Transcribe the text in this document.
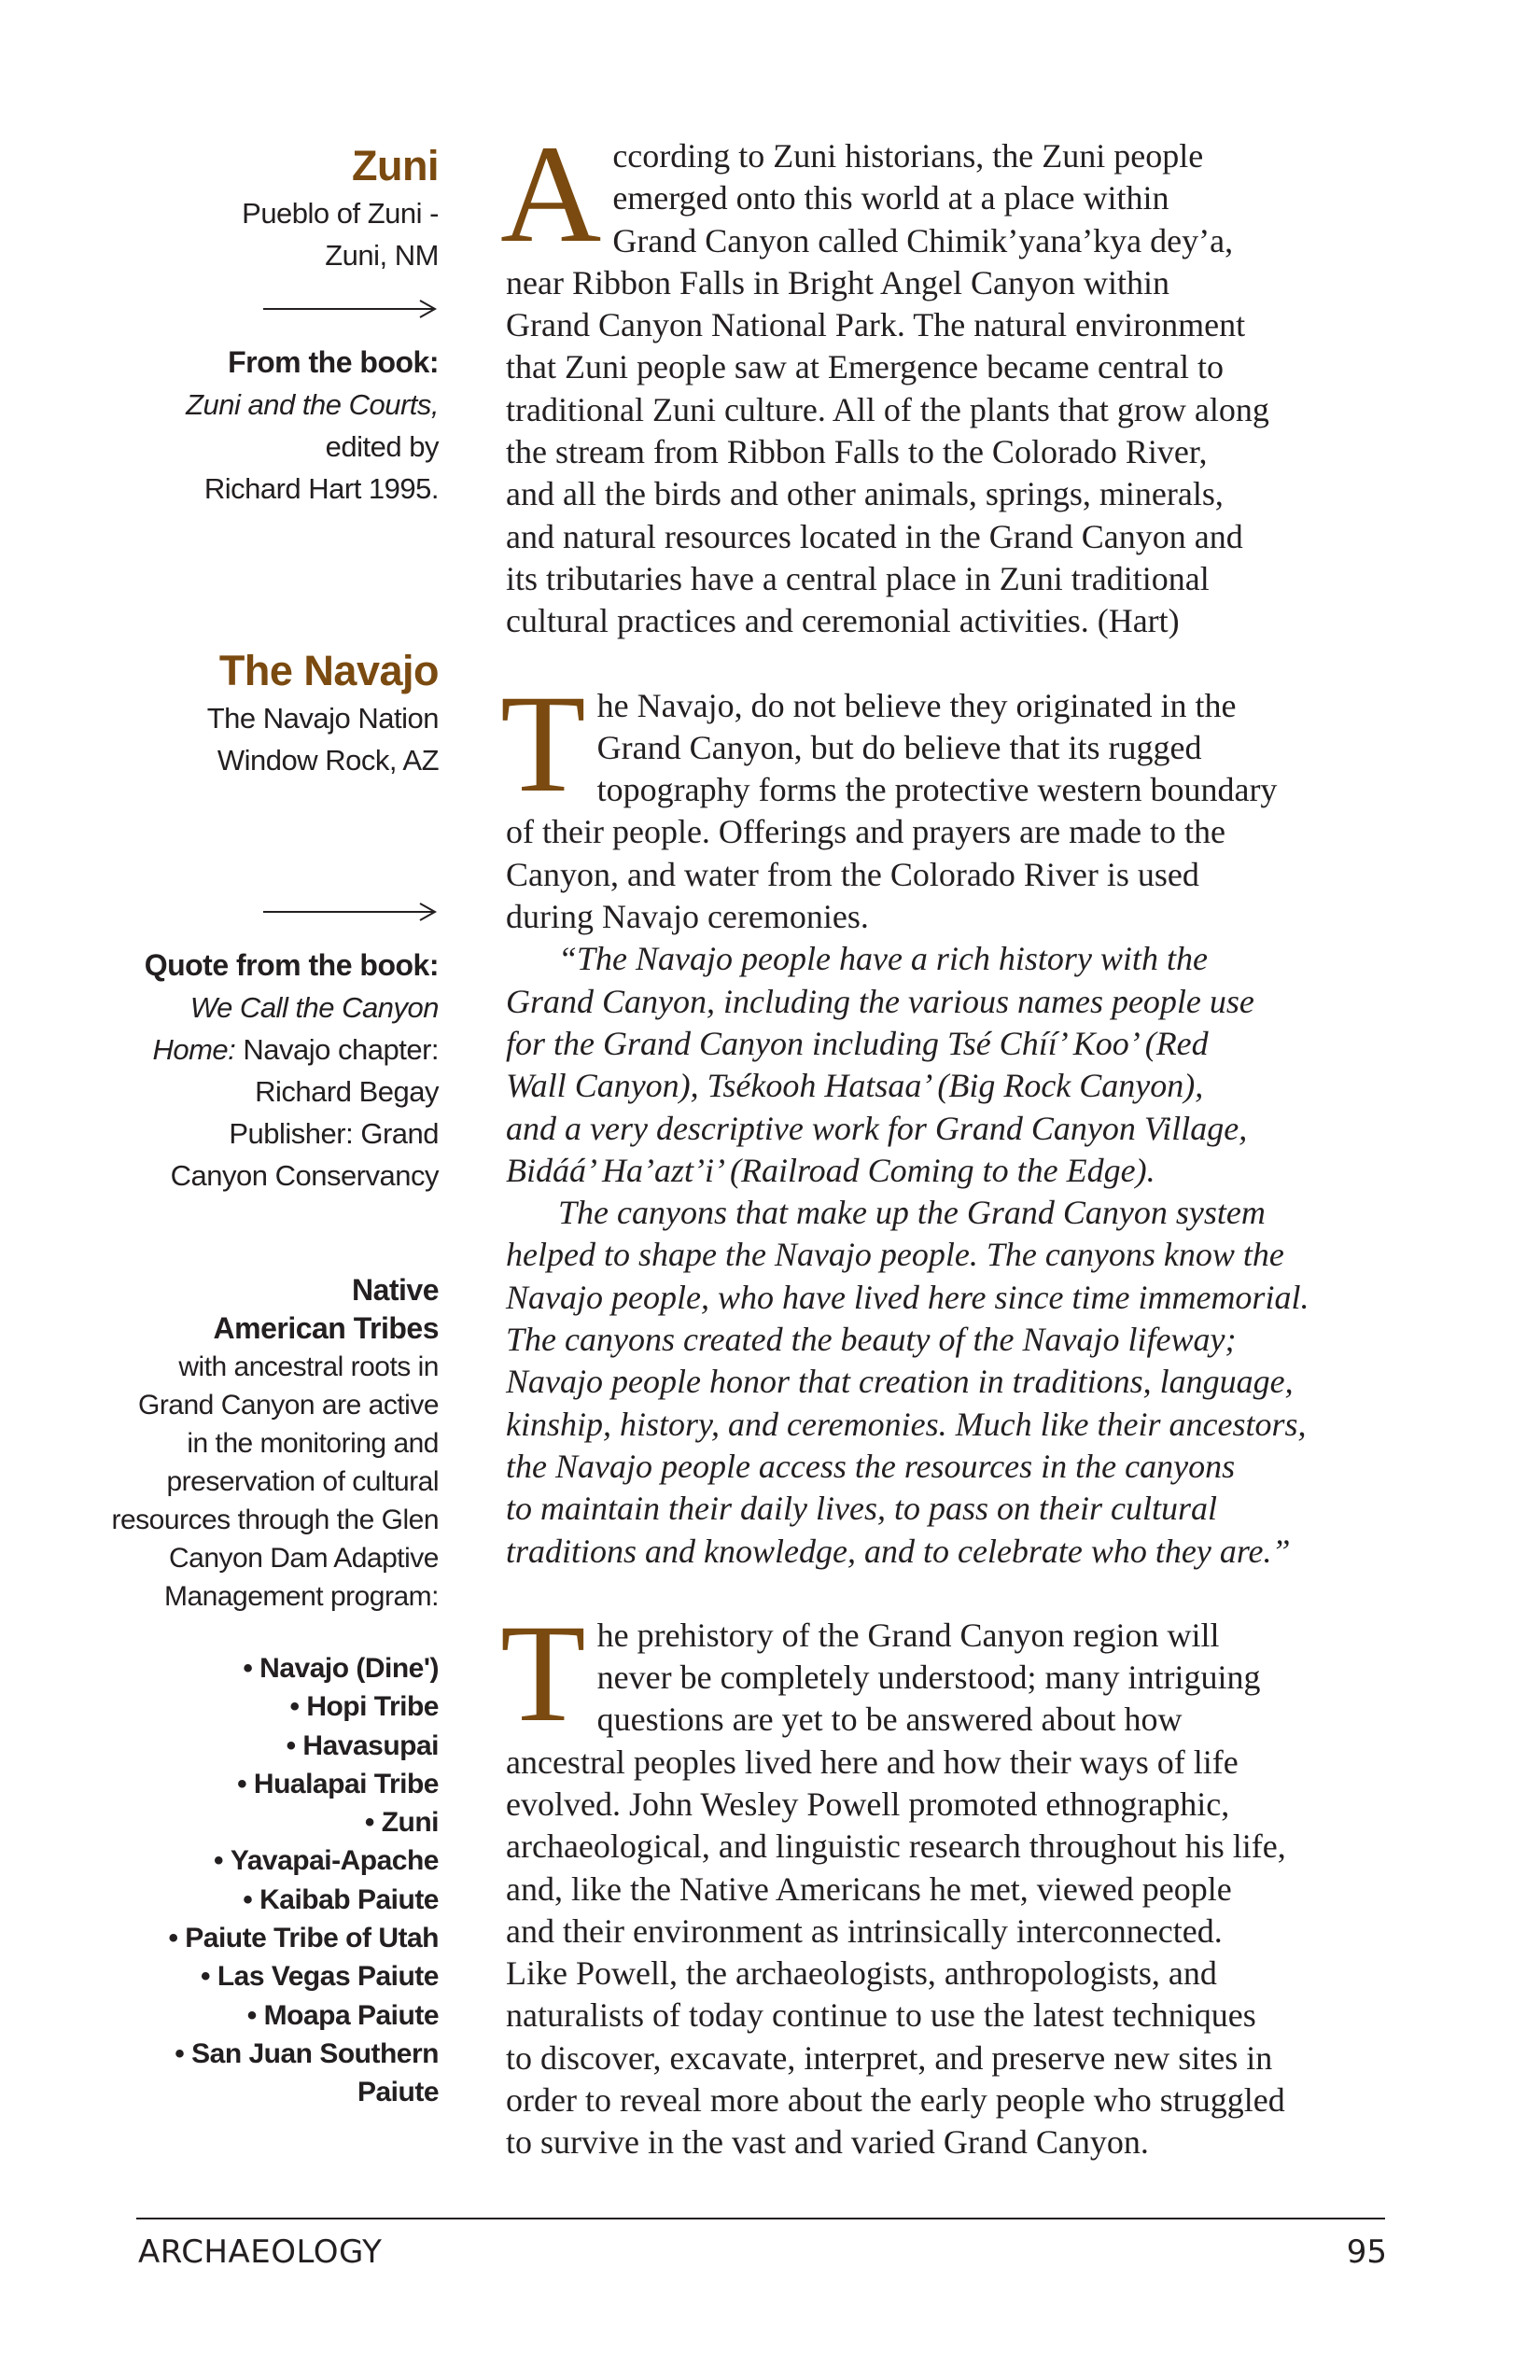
Zuni

Pueblo of Zuni -

Zuni, NM

From the book:

Zuni and the Courts,

edited by

Richard Hart 1995.

The Navajo

The Navajo Nation

Window Rock, AZ

Quote from the book:

We Call the Canyon

Home: Navajo chapter:

Richard Begay

Publisher: Grand

Canyon Conservancy

Native

American Tribes

with ancestral roots in

Grand Canyon are active

in the monitoring and

preservation of cultural

resources through the Glen

Canyon Dam Adaptive

Management program:

• Navajo (Dine')
• Hopi Tribe
• Havasupai
• Hualapai Tribe
• Zuni
• Yavapai-Apache
• Kaibab Paiute
• Paiute Tribe of Utah
• Las Vegas Paiute
• Moapa Paiute
• San Juan Southern Paiute
A ccording to Zuni historians, the Zuni people
emerged onto this world at a place within
Grand Canyon called Chimik’yana’kya dey’a,
near Ribbon Falls in Bright Angel Canyon within
Grand Canyon National Park. The natural environment
that Zuni people saw at Emergence became central to
traditional Zuni culture. All of the plants that grow along
the stream from Ribbon Falls to the Colorado River,
and all the birds and other animals, springs, minerals,
and natural resources located in the Grand Canyon and
its tributaries have a central place in Zuni traditional
cultural practices and ceremonial activities. (Hart)
T he Navajo, do not believe they originated in the
Grand Canyon, but do believe that its rugged
topography forms the protective western boundary
of their people. Offerings and prayers are made to the
Canyon, and water from the Colorado River is used
during Navajo ceremonies.
“The Navajo people have a rich history with the
Grand Canyon, including the various names people use
for the Grand Canyon including Tsé Chíí’ Koo’ (Red
Wall Canyon), Tsékooh Hatsaa’ (Big Rock Canyon),
and a very descriptive work for Grand Canyon Village,
Bidáá’ Ha’azt’i’ (Railroad Coming to the Edge).
The canyons that make up the Grand Canyon system
helped to shape the Navajo people. The canyons know the
Navajo people, who have lived here since time immemorial.
The canyons created the beauty of the Navajo lifeway;
Navajo people honor that creation in traditions, language,
kinship, history, and ceremonies. Much like their ancestors,
the Navajo people access the resources in the canyons
to maintain their daily lives, to pass on their cultural
traditions and knowledge, and to celebrate who they are.”
T he prehistory of the Grand Canyon region will
never be completely understood; many intriguing
questions are yet to be answered about how
ancestral peoples lived here and how their ways of life
evolved. John Wesley Powell promoted ethnographic,
archaeological, and linguistic research throughout his life,
and, like the Native Americans he met, viewed people
and their environment as intrinsically interconnected.
Like Powell, the archaeologists, anthropologists, and
naturalists of today continue to use the latest techniques
to discover, excavate, interpret, and preserve new sites in
order to reveal more about the early people who struggled
to survive in the vast and varied Grand Canyon.
ARCHAEOLOGY	95
